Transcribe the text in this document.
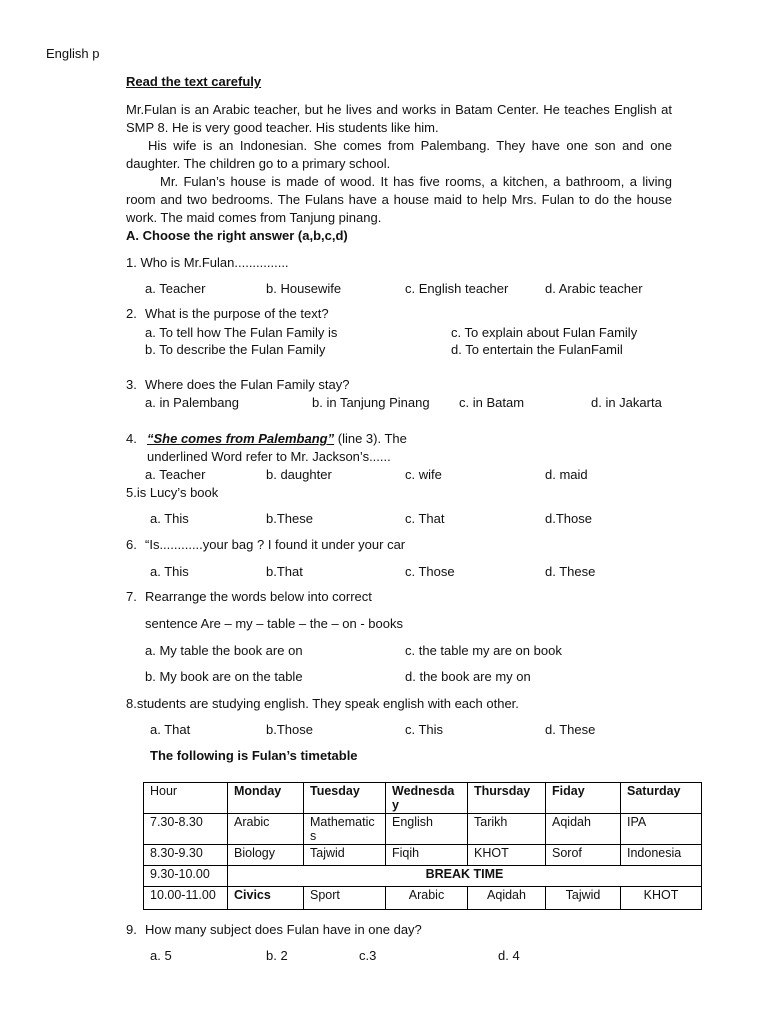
English p
Read the text carefuly

Mr.Fulan is an Arabic teacher, but he lives and works in Batam Center. He teaches English at SMP 8. He is very good teacher. His students like him.

His wife is an Indonesian. She comes from Palembang. They have one son and one daughter. The children go to a primary school.

Mr. Fulan’s house is made of wood. It has five rooms, a kitchen, a bathroom, a living room and two bedrooms. The Fulans have a house maid to help Mrs. Fulan to do the house work. The maid comes from Tanjung pinang.

A. Choose the right answer (a,b,c,d)
1. Who is Mr.Fulan...............
a. Teacher	b. Housewife	c. English teacher	d. Arabic teacher
2. What is the purpose of the text?
a. To tell how The Fulan Family is	c. To explain about Fulan Family
b. To describe the Fulan Family	d. To entertain the FulanFamil
3. Where does the Fulan Family stay?
a. in Palembang	b. in Tanjung Pinang c. in Batam	d. in Jakarta
4. “She comes from Palembang” (line 3). The
underlined Word refer to Mr. Jackson’s......
a. Teacher	b. daughter	c. wife	d. maid
5.is Lucy’s book
a. This	b.These	c. That	d.Those
6. “Is............your bag ? I found it under your car
a. This	b.That	c. Those	d. These
7. Rearrange the words below into correct
sentence Are – my – table – the – on - books
a. My table the book are on	c. the table my are on book
b. My book are on the table	d. the book are my on
8.students are studying english. They speak english with each other.
a. That	b.Those	c. This	d. These
The following is Fulan’s timetable
Hour	Monday	Tuesday	Wednesday	Thursday	Fiday	Saturday
7.30-8.30	Arabic	Mathematics	English	Tarikh	Aqidah	IPA
8.30-9.30	Biology	Tajwid	Fiqih	KHOT	Sorof	Indonesia
9.30-10.00	BREAK TIME					
10.00-11.00	Civics	Sport	Arabic	Aqidah	Tajwid	KHOT
9. How many subject does Fulan have in one day?
a. 5	b. 2	c.3	d. 4
